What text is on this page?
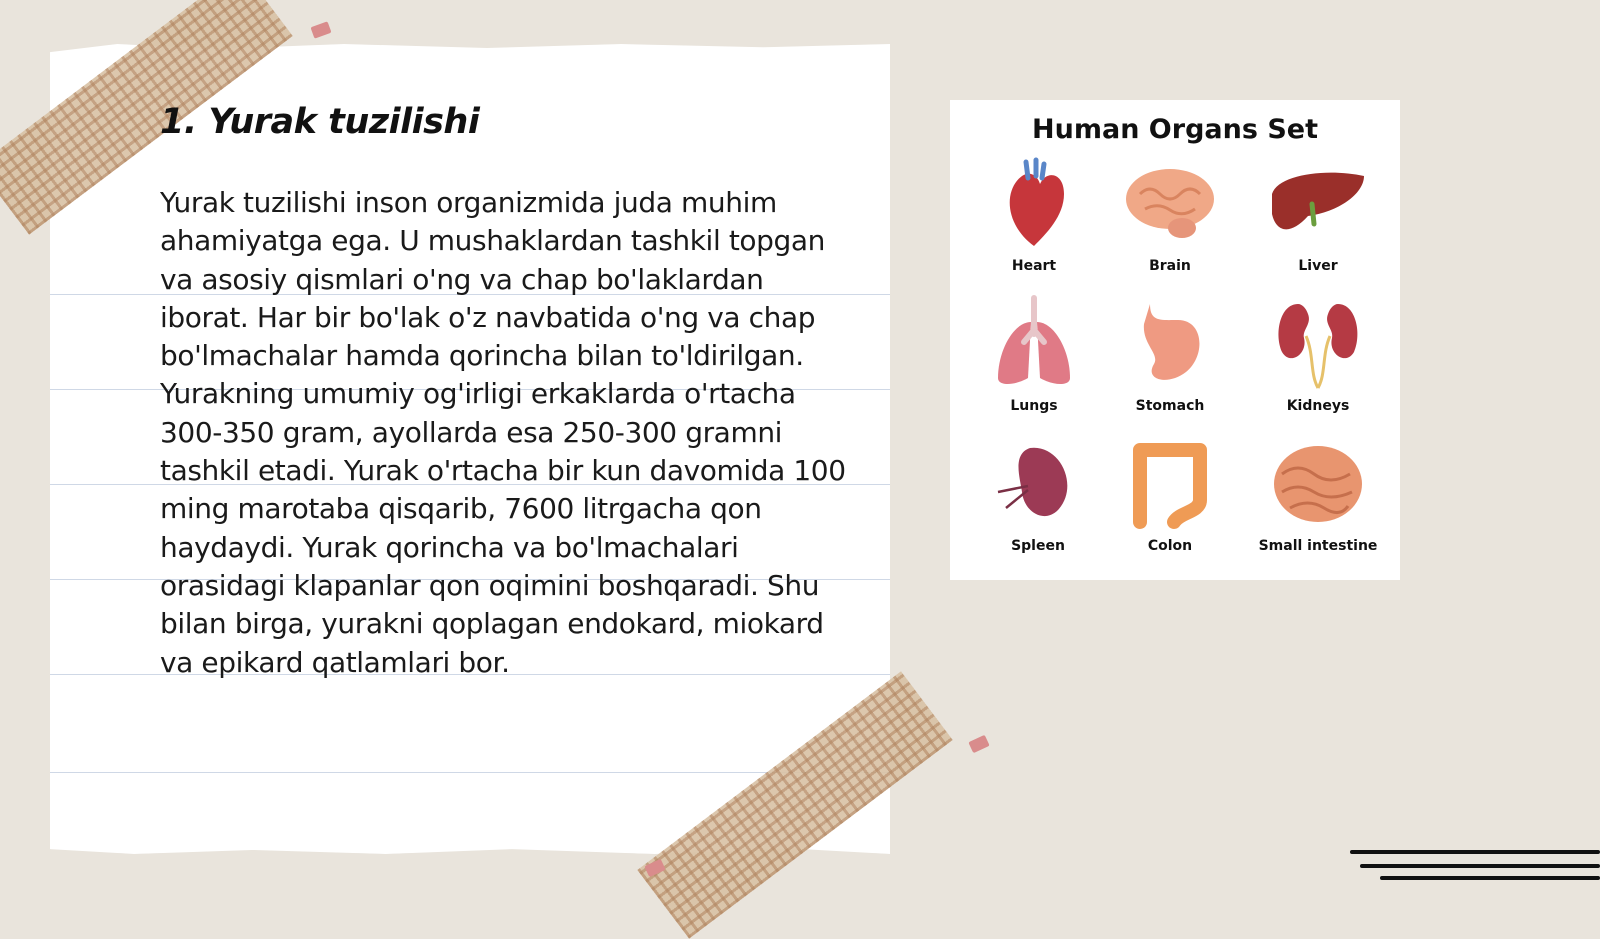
1. Yurak tuzilishi

Yurak tuzilishi inson organizmida juda muhim ahamiyatga ega. U mushaklardan tashkil topgan va asosiy qismlari o'ng va chap bo'laklardan iborat. Har bir bo'lak o'z navbatida o'ng va chap bo'lmachalar hamda qorincha bilan to'ldirilgan. Yurakning umumiy og'irligi erkaklarda o'rtacha 300-350 gram, ayollarda esa 250-300 gramni tashkil etadi. Yurak o'rtacha bir kun davomida 100 ming marotaba qisqarib, 7600 litrgacha qon haydaydi. Yurak qorincha va bo'lmachalari orasidagi klapanlar qon oqimini boshqaradi. Shu bilan birga, yurakni qoplagan endokard, miokard va epikard qatlamlari bor.

Human Organs Set
Heart	Brain	Liver
Lungs	Stomach	Kidneys
Spleen	Colon	Small intestine
